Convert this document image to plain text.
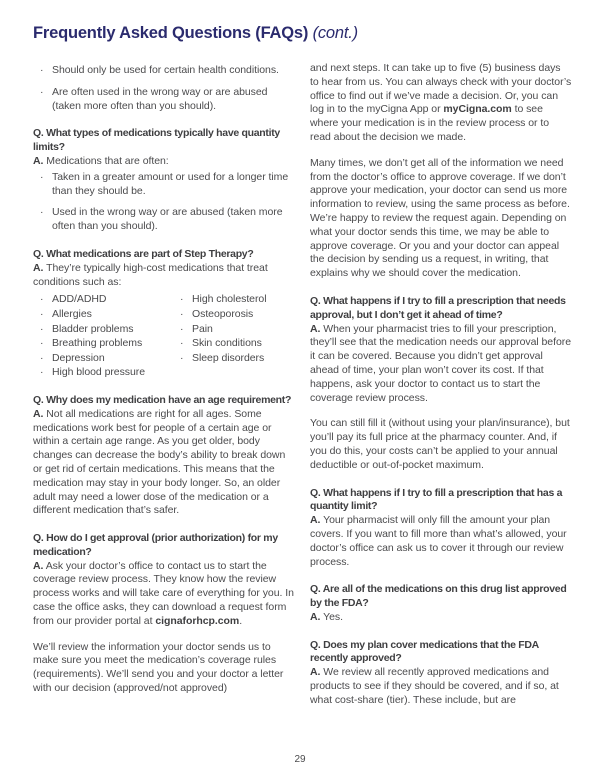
Frequently Asked Questions (FAQs) (cont.)
· Should only be used for certain health conditions.
· Are often used in the wrong way or are abused (taken more often than you should).

Q. What types of medications typically have quantity limits?

A. Medications that are often:

· Taken in a greater amount or used for a longer time than they should be.
· Used in the wrong way or are abused (taken more often than you should).

Q. What medications are part of Step Therapy?

A. They’re typically high-cost medications that treat conditions such as:

· ADD/ADHD
· Allergies
· Bladder problems
· Breathing problems
· Depression
· High blood pressure
· High cholesterol
· Osteoporosis
· Pain
· Skin conditions
· Sleep disorders

Q. Why does my medication have an age requirement?

A. Not all medications are right for all ages. Some medications work best for people of a certain age or within a certain age range. As you get older, body changes can decrease the body’s ability to break down or get rid of certain medications. This means that the medication may stay in your body longer. So, an older adult may need a lower dose of the medication or a different medication that’s safer.

Q. How do I get approval (prior authorization) for my medication?

A. Ask your doctor’s office to contact us to start the coverage review process. They know how the review process works and will take care of everything for you. In case the office asks, they can download a request form from our provider portal at cignaforhcp.com.

We’ll review the information your doctor sends us to make sure you meet the medication’s coverage rules (requirements). We’ll send you and your doctor a letter with our decision (approved/not approved)

and next steps. It can take up to five (5) business days to hear from us. You can always check with your doctor’s office to find out if we’ve made a decision. Or, you can log in to the myCigna App or myCigna.com to see where your medication is in the review process or to read about the decision we made.

Many times, we don’t get all of the information we need from the doctor’s office to approve coverage. If we don’t approve your medication, your doctor can send us more information to review, using the same process as before. We’re happy to review the request again. Depending on what your doctor sends this time, we may be able to approve coverage. Or you and your doctor can appeal the decision by sending us a request, in writing, that explains why we should cover the medication.

Q. What happens if I try to fill a prescription that needs approval, but I don’t get it ahead of time?

A. When your pharmacist tries to fill your prescription, they’ll see that the medication needs our approval before it can be covered. Because you didn’t get approval ahead of time, your plan won’t cover its cost. If that happens, ask your doctor to contact us to start the coverage review process.

You can still fill it (without using your plan/insurance), but you’ll pay its full price at the pharmacy counter. And, if you do this, your costs can’t be applied to your annual deductible or out-of-pocket maximum.

Q. What happens if I try to fill a prescription that has a quantity limit?

A. Your pharmacist will only fill the amount your plan covers. If you want to fill more than what’s allowed, your doctor’s office can ask us to cover it through our review process.

Q. Are all of the medications on this drug list approved by the FDA?

A. Yes.

Q. Does my plan cover medications that the FDA recently approved?

A. We review all recently approved medications and products to see if they should be covered, and if so, at what cost-share (tier). These include, but are

29
